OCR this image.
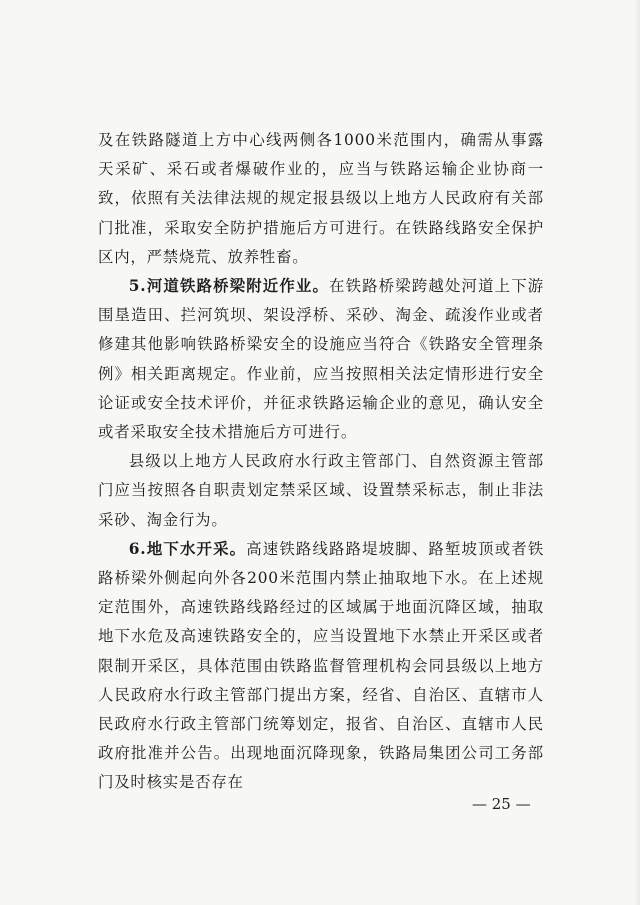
及在铁路隧道上方中心线两侧各1000米范围内，确需从事露天采矿、采石或者爆破作业的，应当与铁路运输企业协商一致，依照有关法律法规的规定报县级以上地方人民政府有关部门批准，采取安全防护措施后方可进行。在铁路线路安全保护区内，严禁烧荒、放养牲畜。

5.河道铁路桥梁附近作业。在铁路桥梁跨越处河道上下游围垦造田、拦河筑坝、架设浮桥、采砂、淘金、疏浚作业或者修建其他影响铁路桥梁安全的设施应当符合《铁路安全管理条例》相关距离规定。作业前，应当按照相关法定情形进行安全论证或安全技术评价，并征求铁路运输企业的意见，确认安全或者采取安全技术措施后方可进行。

县级以上地方人民政府水行政主管部门、自然资源主管部门应当按照各自职责划定禁采区域、设置禁采标志，制止非法采砂、淘金行为。

6.地下水开采。高速铁路线路路堤坡脚、路堑坡顶或者铁路桥梁外侧起向外各200米范围内禁止抽取地下水。在上述规定范围外，高速铁路线路经过的区域属于地面沉降区域，抽取地下水危及高速铁路安全的，应当设置地下水禁止开采区或者限制开采区，具体范围由铁路监督管理机构会同县级以上地方人民政府水行政主管部门提出方案，经省、自治区、直辖市人民政府水行政主管部门统筹划定，报省、自治区、直辖市人民政府批准并公告。出现地面沉降现象，铁路局集团公司工务部门及时核实是否存在

— 25 —
